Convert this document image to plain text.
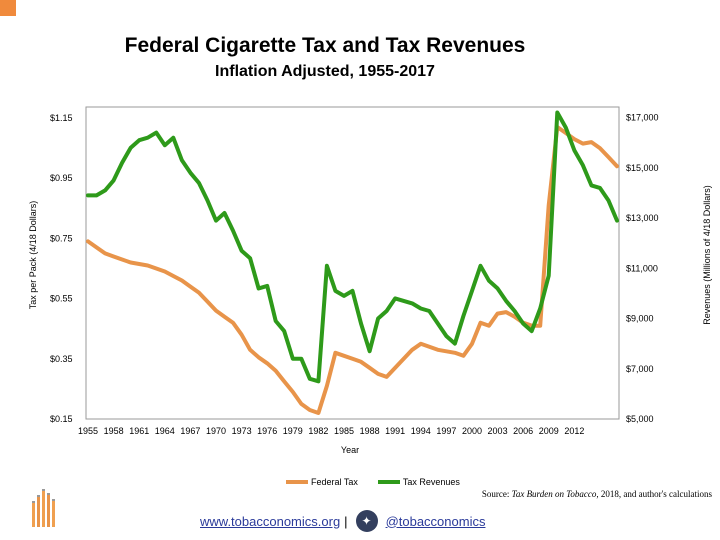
Federal Cigarette Tax and Tax Revenues
Inflation Adjusted, 1955-2017
$1.15
$0.95
$0.75
$0.55
$0.35
$0.15
$17,000
$15,000
$13,000
$11,000
$9,000
$7,000
$5,000
1955 1958 1961 1964 1967 1970 1973 1976 1979 1982 1985 1988 1991 1994 1997 2000 2003 2006 2009 2012
Tax per Pack (4/18 Dollars)	Revenues (Millions of 4/18 Dollars)
Year
Federal Tax	Tax Revenues
Source: Tax Burden on Tobacco, 2018, and author's calculations
www.tobacconomics.org |	✦	@tobacconomics
